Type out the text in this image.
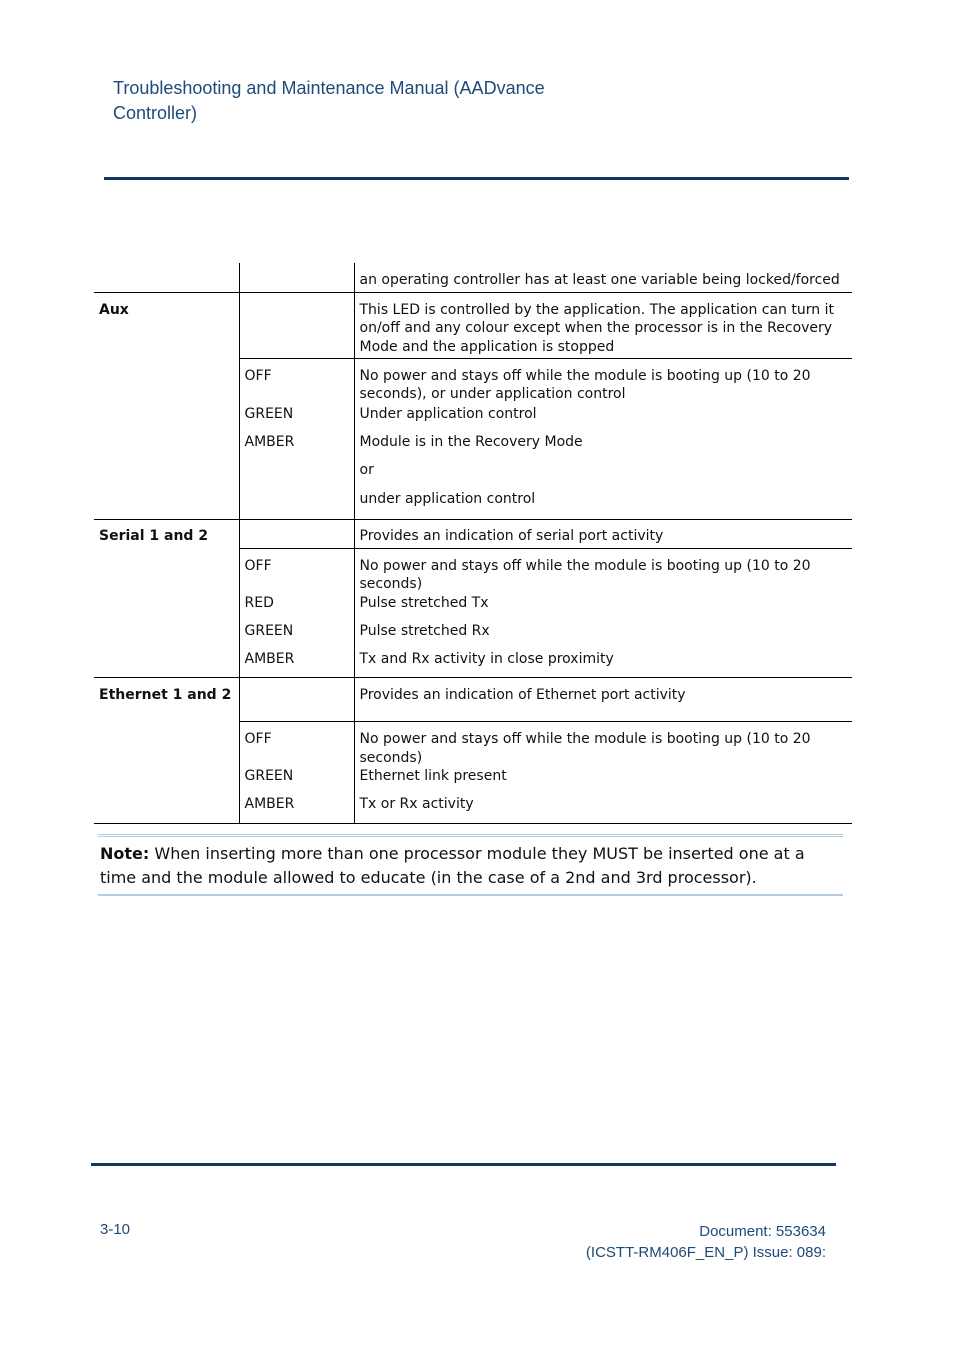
Troubleshooting and Maintenance Manual (AADvance Controller)
		an operating controller has at least one variable being locked/forced
Aux		This LED is controlled by the application. The application can turn it on/off and any colour except when the processor is in the Recovery Mode and the application is stopped
	OFF	No power and stays off while the module is booting up (10 to 20 seconds), or under application control
	GREEN	Under application control
	AMBER	Module is in the Recovery Mode
		or
		under application control
Serial 1 and 2		Provides an indication of serial port activity
	OFF	No power and stays off while the module is booting up (10 to 20 seconds)
	RED	Pulse stretched Tx
	GREEN	Pulse stretched Rx
	AMBER	Tx and Rx activity in close proximity
Ethernet 1 and 2		Provides an indication of Ethernet port activity
	OFF	No power and stays off while the module is booting up (10 to 20 seconds)
	GREEN	Ethernet link present
	AMBER	Tx or Rx activity
Note: When inserting more than one processor module they MUST be inserted one at a time and the module allowed to educate (in the case of a 2nd and 3rd processor).
3-10	Document: 553634
(ICSTT-RM406F_EN_P) Issue: 089:
